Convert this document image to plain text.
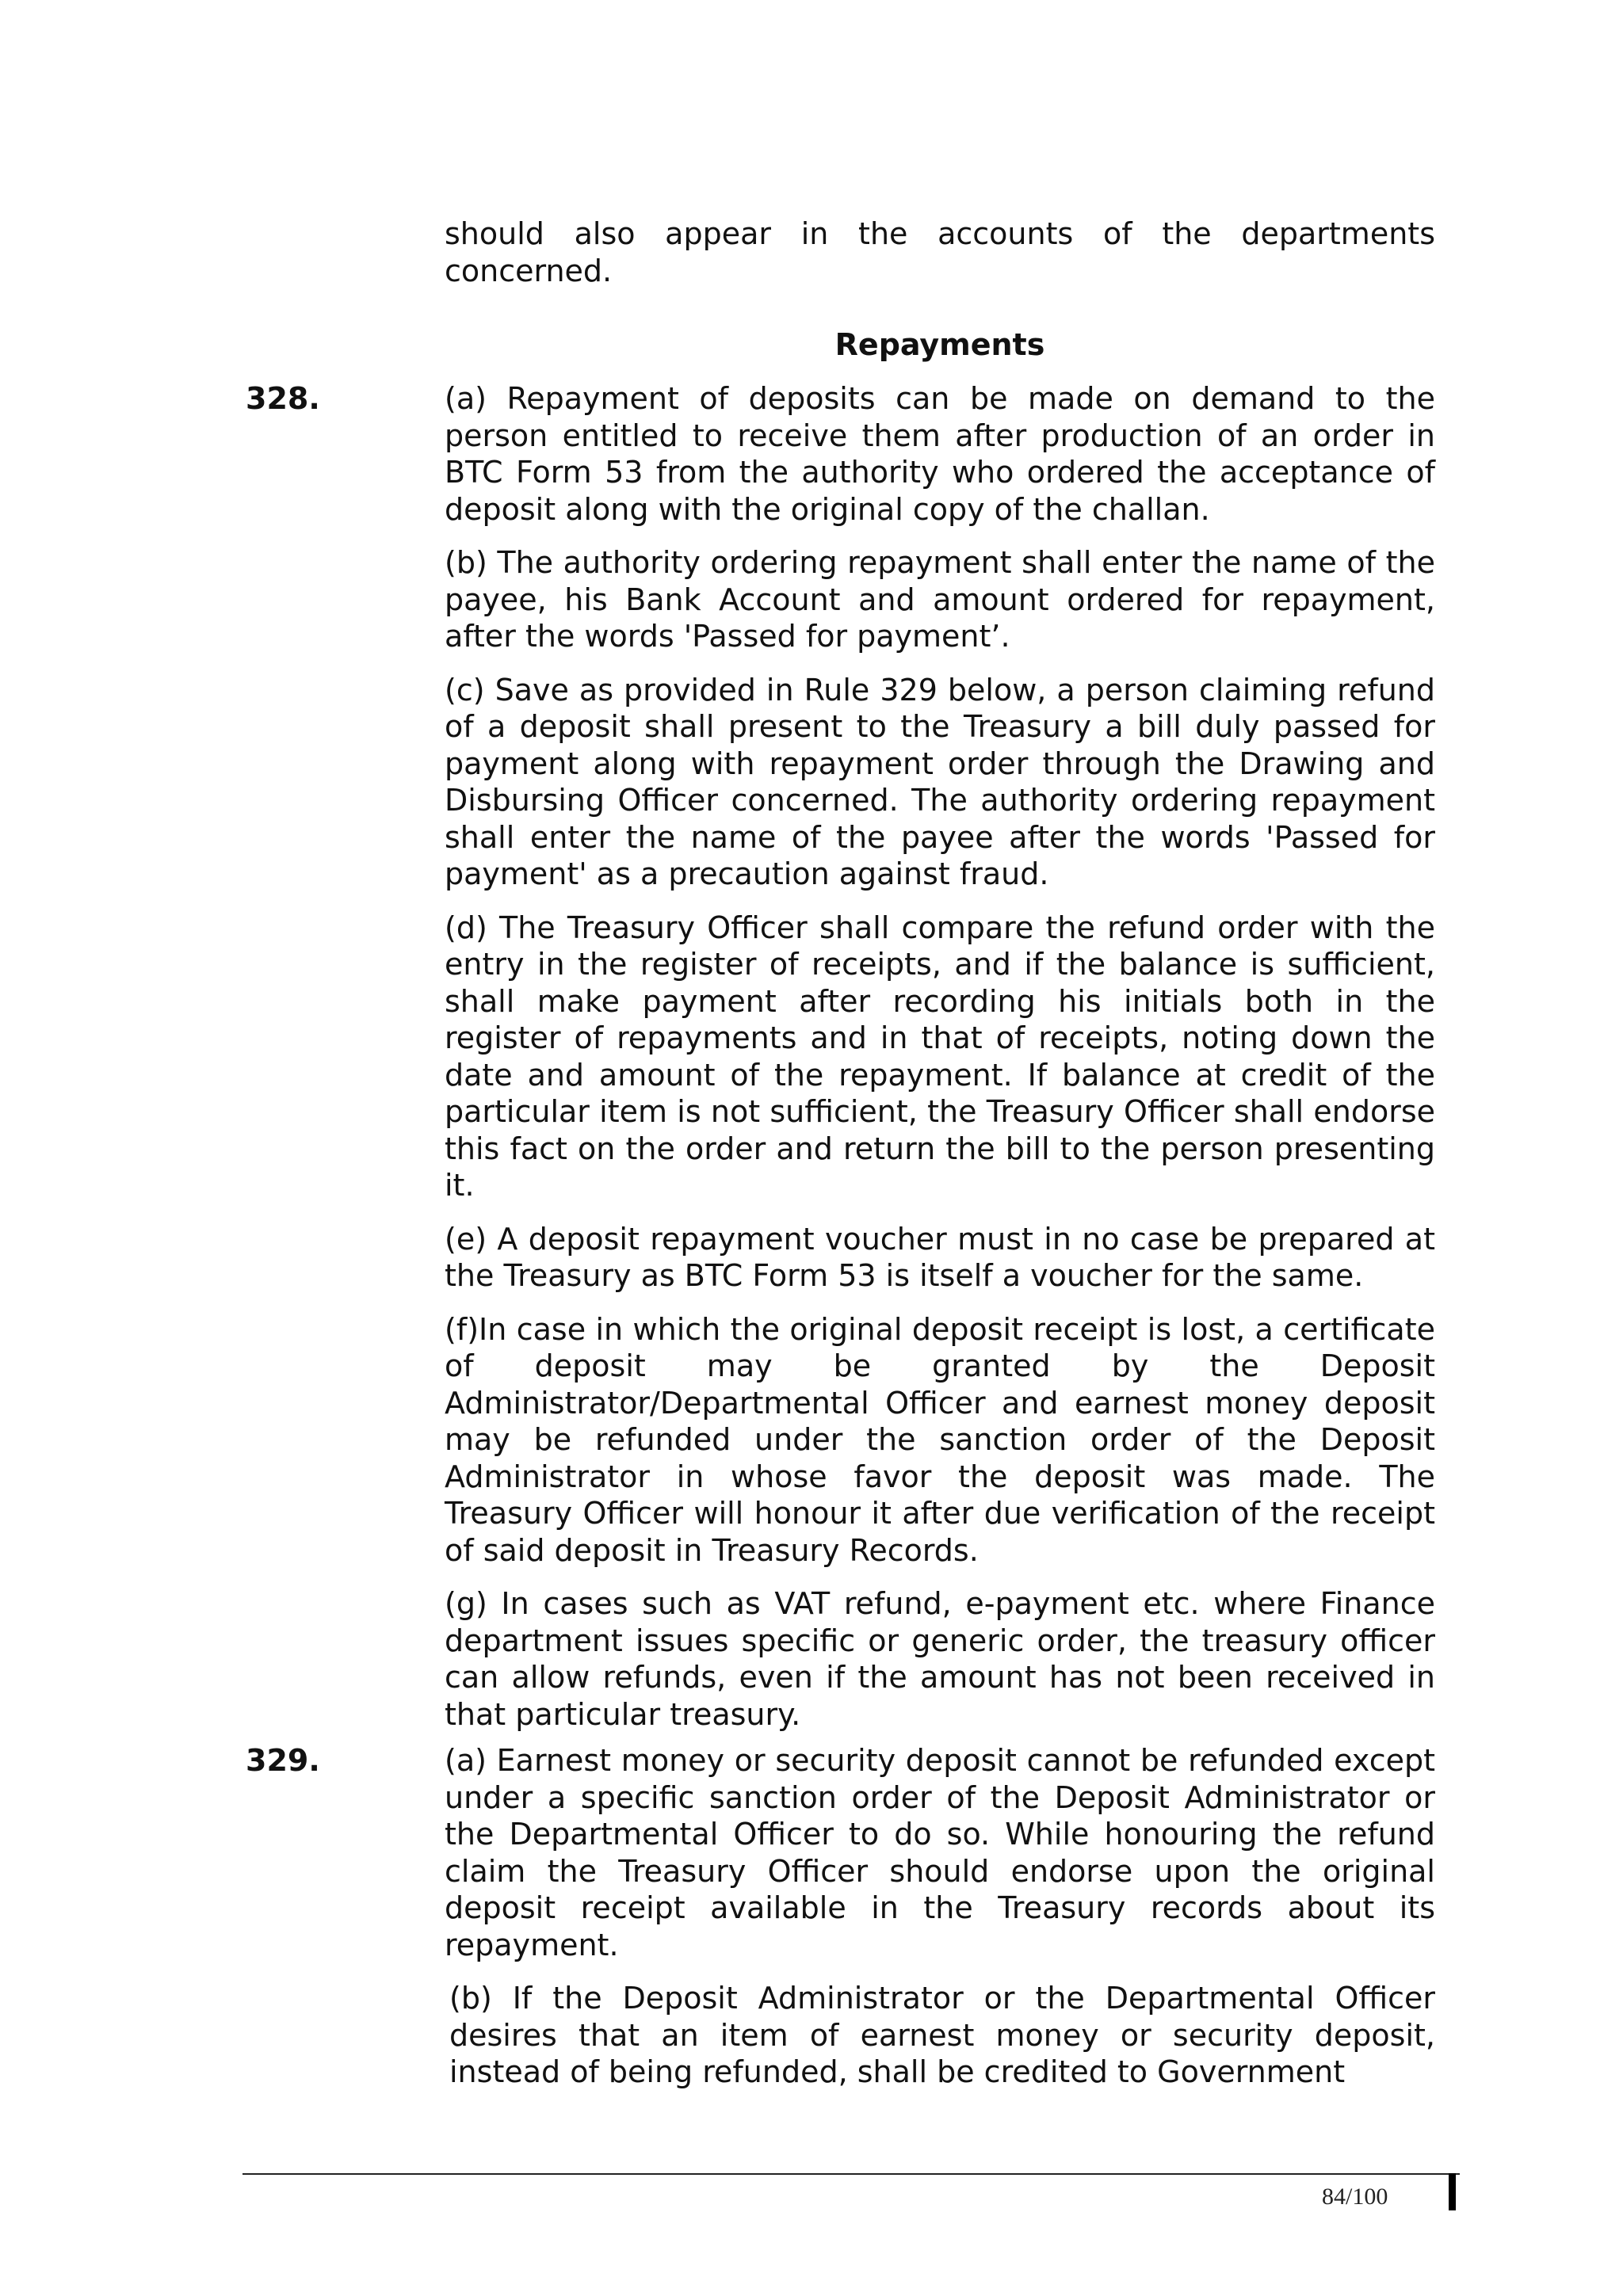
should also appear in the accounts of the departments concerned.

Repayments

328.	(a) Repayment of deposits can be made on demand to the person entitled to receive them after production of an order in BTC Form 53 from the authority who ordered the acceptance of deposit along with the original copy of the challan.

(b) The authority ordering repayment shall enter the name of the payee, his Bank Account and amount ordered for repayment, after the words 'Passed for payment’.

(c) Save as provided in Rule 329 below, a person claiming refund of a deposit shall present to the Treasury a bill duly passed for payment along with repayment order through the Drawing and Disbursing Officer concerned. The authority ordering repayment shall enter the name of the payee after the words 'Passed for payment' as a precaution against fraud.

(d) The Treasury Officer shall compare the refund order with the entry in the register of receipts, and if the balance is sufficient, shall make payment after recording his initials both in the register of repayments and in that of receipts, noting down the date and amount of the repayment. If balance at credit of the particular item is not sufficient, the Treasury Officer shall endorse this fact on the order and return the bill to the person presenting it.

(e) A deposit repayment voucher must in no case be prepared at the Treasury as BTC Form 53 is itself a voucher for the same.

(f)In case in which the original deposit receipt is lost, a certificate of deposit may be granted by the Deposit Administrator/Departmental Officer and earnest money deposit may be refunded under the sanction order of the Deposit Administrator in whose favor the deposit was made. The Treasury Officer will honour it after due verification of the receipt of said deposit in Treasury Records.

(g) In cases such as VAT refund, e-payment etc. where Finance department issues specific or generic order, the treasury officer can allow refunds, even if the amount has not been received in that particular treasury.

329.	(a) Earnest money or security deposit cannot be refunded except under a specific sanction order of the Deposit Administrator or the Departmental Officer to do so. While honouring the refund claim the Treasury Officer should endorse upon the original deposit receipt available in the Treasury records about its repayment.

(b) If the Deposit Administrator or the Departmental Officer desires that an item of earnest money or security deposit, instead of being refunded, shall be credited to Government

84/100
